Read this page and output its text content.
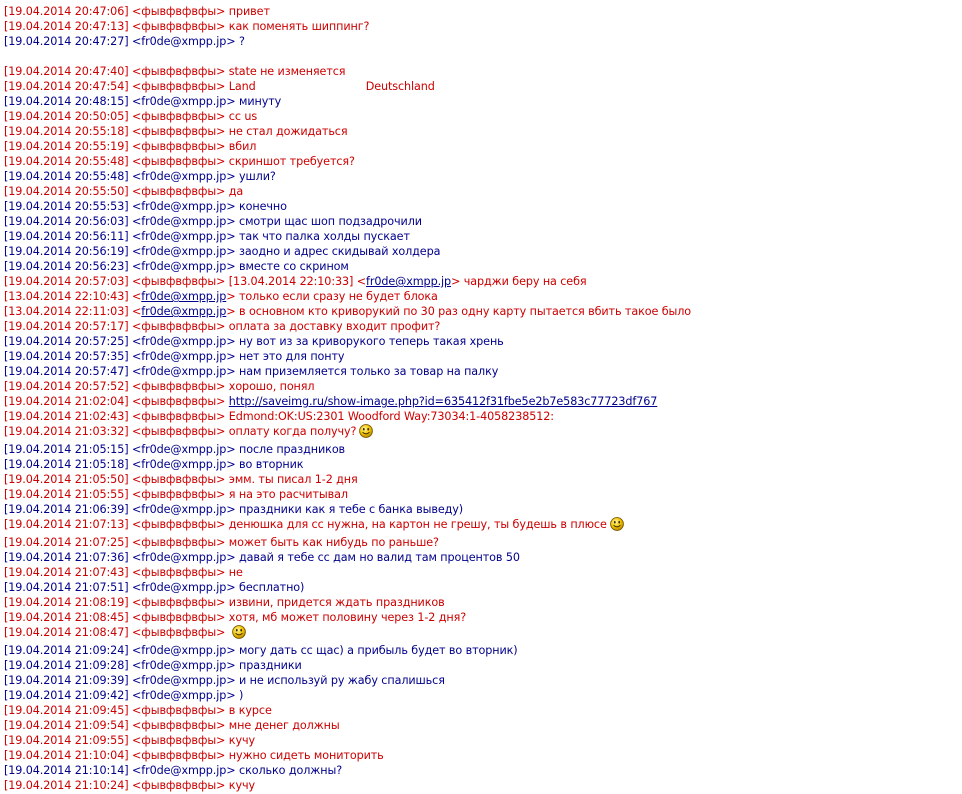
[19.04.2014 20:47:06] <фывфвфвфы> привет
[19.04.2014 20:47:13] <фывфвфвфы> как поменять шиппинг?
[19.04.2014 20:47:27] <fr0de@xmpp.jp> ?
[19.04.2014 20:47:40] <фывфвфвфы> state не изменяется
[19.04.2014 20:47:54] <фывфвфвфы> Land	Deutschland
[19.04.2014 20:48:15] <fr0de@xmpp.jp> минуту
[19.04.2014 20:50:05] <фывфвфвфы> cc us
[19.04.2014 20:55:18] <фывфвфвфы> не стал дожидаться
[19.04.2014 20:55:19] <фывфвфвфы> вбил
[19.04.2014 20:55:48] <фывфвфвфы> скриншот требуется?
[19.04.2014 20:55:48] <fr0de@xmpp.jp> ушли?
[19.04.2014 20:55:50] <фывфвфвфы> да
[19.04.2014 20:55:53] <fr0de@xmpp.jp> конечно
[19.04.2014 20:56:03] <fr0de@xmpp.jp> смотри щас шоп подзадрочили
[19.04.2014 20:56:11] <fr0de@xmpp.jp> так что палка холды пускает
[19.04.2014 20:56:19] <fr0de@xmpp.jp> заодно и адрес скидывай холдера
[19.04.2014 20:56:23] <fr0de@xmpp.jp> вместе со скрином
[19.04.2014 20:57:03] <фывфвфвфы> [13.04.2014 22:10:33] <fr0de@xmpp.jp> чарджи беру на себя
[13.04.2014 22:10:43] <fr0de@xmpp.jp> только если сразу не будет блока
[13.04.2014 22:11:03] <fr0de@xmpp.jp> в основном кто криворукий по 30 раз одну карту пытается вбить такое было
[19.04.2014 20:57:17] <фывфвфвфы> оплата за доставку входит профит?
[19.04.2014 20:57:25] <fr0de@xmpp.jp> ну вот из за криворукого теперь такая хрень
[19.04.2014 20:57:35] <fr0de@xmpp.jp> нет это для понту
[19.04.2014 20:57:47] <fr0de@xmpp.jp> нам приземляется только за товар на палку
[19.04.2014 20:57:52] <фывфвфвфы> хорошо, понял
[19.04.2014 21:02:04] <фывфвфвфы> http://saveimg.ru/show-image.php?id=635412f31fbe5e2b7e583c77723df767
[19.04.2014 21:02:43] <фывфвфвфы> Edmond:OK:US:2301 Woodford Way:73034:1-4058238512:
[19.04.2014 21:03:32] <фывфвфвфы> оплату когда получу?
[19.04.2014 21:05:15] <fr0de@xmpp.jp> после праздников
[19.04.2014 21:05:18] <fr0de@xmpp.jp> во вторник
[19.04.2014 21:05:50] <фывфвфвфы> эмм. ты писал 1-2 дня
[19.04.2014 21:05:55] <фывфвфвфы> я на это расчитывал
[19.04.2014 21:06:39] <fr0de@xmpp.jp> праздники как я тебе с банка выведу)
[19.04.2014 21:07:13] <фывфвфвфы> денюшка для сс нужна, на картон не грешу, ты будешь в плюсе
[19.04.2014 21:07:25] <фывфвфвфы> может быть как нибудь по раньше?
[19.04.2014 21:07:36] <fr0de@xmpp.jp> давай я тебе сс дам но валид там процентов 50
[19.04.2014 21:07:43] <фывфвфвфы> не
[19.04.2014 21:07:51] <fr0de@xmpp.jp> бесплатно)
[19.04.2014 21:08:19] <фывфвфвфы> извини, придется ждать праздников
[19.04.2014 21:08:45] <фывфвфвфы> хотя, мб может половину через 1-2 дня?
[19.04.2014 21:08:47] <фывфвфвфы>
[19.04.2014 21:09:24] <fr0de@xmpp.jp> могу дать сс щас) а прибыль будет во вторник)
[19.04.2014 21:09:28] <fr0de@xmpp.jp> праздники
[19.04.2014 21:09:39] <fr0de@xmpp.jp> и не используй ру жабу спалишься
[19.04.2014 21:09:42] <fr0de@xmpp.jp> )
[19.04.2014 21:09:45] <фывфвфвфы> в курсе
[19.04.2014 21:09:54] <фывфвфвфы> мне денег должны
[19.04.2014 21:09:55] <фывфвфвфы> кучу
[19.04.2014 21:10:04] <фывфвфвфы> нужно сидеть мониторить
[19.04.2014 21:10:14] <fr0de@xmpp.jp> сколько должны?
[19.04.2014 21:10:24] <фывфвфвфы> кучу
